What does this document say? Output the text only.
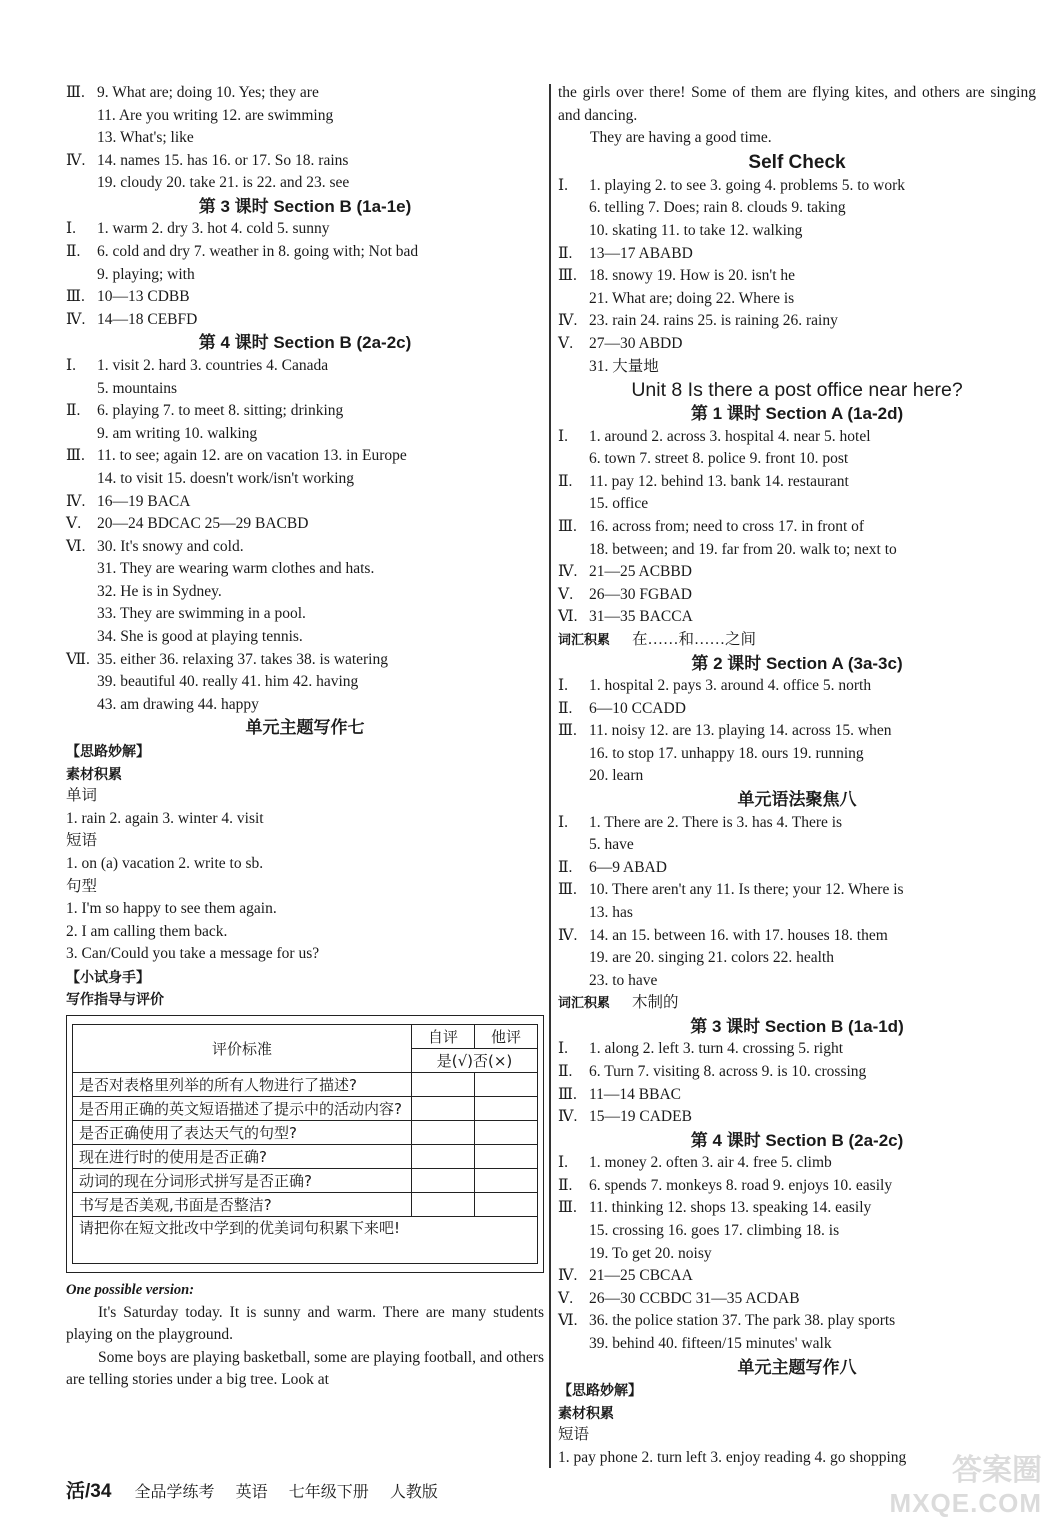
Ⅲ. 9. What are; doing 10. Yes; they are
11. Are you writing 12. are swimming
13. What's; like
Ⅳ. 14. names 15. has 16. or 17. So 18. rains
19. cloudy 20. take 21. is 22. and 23. see
第 3 课时 Section B (1a-1e)
Ⅰ. 1. warm 2. dry 3. hot 4. cold 5. sunny
Ⅱ. 6. cold and dry 7. weather in 8. going with; Not bad
9. playing; with
Ⅲ. 10—13 CDBB
Ⅳ. 14—18 CEBFD
第 4 课时 Section B (2a-2c)
Ⅰ. 1. visit 2. hard 3. countries 4. Canada
5. mountains
Ⅱ. 6. playing 7. to meet 8. sitting; drinking
9. am writing 10. walking
Ⅲ. 11. to see; again 12. are on vacation 13. in Europe
14. to visit 15. doesn't work/isn't working
Ⅳ. 16—19 BACA
Ⅴ. 20—24 BDCAC 25—29 BACBD
Ⅵ. 30. It's snowy and cold.
31. They are wearing warm clothes and hats.
32. He is in Sydney.
33. They are swimming in a pool.
34. She is good at playing tennis.
Ⅶ. 35. either 36. relaxing 37. takes 38. is watering
39. beautiful 40. really 41. him 42. having
43. am drawing 44. happy
单元主题写作七
【思路妙解】
素材积累
单词
1. rain 2. again 3. winter 4. visit
短语
1. on (a) vacation 2. write to sb.
句型
1. I'm so happy to see them again.
2. I am calling them back.
3. Can/Could you take a message for us?
【小试身手】
写作指导与评价
评价标准	自评	他评
	是(√)否(×)	
是否对表格里列举的所有人物进行了描述?		
是否用正确的英文短语描述了提示中的活动内容?		
是否正确使用了表达天气的句型?		
现在进行时的使用是否正确?		
动词的现在分词形式拼写是否正确?		
书写是否美观,书面是否整洁?		
请把你在短文批改中学到的优美词句积累下来吧!		
One possible version:
It's Saturday today. It is sunny and warm. There are many students playing on the playground.
Some boys are playing basketball, some are playing football, and others are telling stories under a big tree. Look at
the girls over there! Some of them are flying kites, and others are singing and dancing.
They are having a good time.
Self Check
Ⅰ. 1. playing 2. to see 3. going 4. problems 5. to work
6. telling 7. Does; rain 8. clouds 9. taking
10. skating 11. to take 12. walking
Ⅱ. 13—17 ABABD
Ⅲ. 18. snowy 19. How is 20. isn't he
21. What are; doing 22. Where is
Ⅳ. 23. rain 24. rains 25. is raining 26. rainy
Ⅴ. 27—30 ABDD
31. 大量地
Unit 8 Is there a post office near here?
第 1 课时 Section A (1a-2d)
Ⅰ. 1. around 2. across 3. hospital 4. near 5. hotel
6. town 7. street 8. police 9. front 10. post
Ⅱ. 11. pay 12. behind 13. bank 14. restaurant
15. office
Ⅲ. 16. across from; need to cross 17. in front of
18. between; and 19. far from 20. walk to; next to
Ⅳ. 21—25 ACBBD
Ⅴ. 26—30 FGBAD
Ⅵ. 31—35 BACCA
词汇积累 在……和……之间
第 2 课时 Section A (3a-3c)
Ⅰ. 1. hospital 2. pays 3. around 4. office 5. north
Ⅱ. 6—10 CCADD
Ⅲ. 11. noisy 12. are 13. playing 14. across 15. when
16. to stop 17. unhappy 18. ours 19. running
20. learn
单元语法聚焦八
Ⅰ. 1. There are 2. There is 3. has 4. There is
5. have
Ⅱ. 6—9 ABAD
Ⅲ. 10. There aren't any 11. Is there; your 12. Where is
13. has
Ⅳ. 14. an 15. between 16. with 17. houses 18. them
19. are 20. singing 21. colors 22. health
23. to have
词汇积累 木制的
第 3 课时 Section B (1a-1d)
Ⅰ. 1. along 2. left 3. turn 4. crossing 5. right
Ⅱ. 6. Turn 7. visiting 8. across 9. is 10. crossing
Ⅲ. 11—14 BBAC
Ⅳ. 15—19 CADEB
第 4 课时 Section B (2a-2c)
Ⅰ. 1. money 2. often 3. air 4. free 5. climb
Ⅱ. 6. spends 7. monkeys 8. road 9. enjoys 10. easily
Ⅲ. 11. thinking 12. shops 13. speaking 14. easily
15. crossing 16. goes 17. climbing 18. is
19. To get 20. noisy
Ⅳ. 21—25 CBCAA
Ⅴ. 26—30 CCBDC 31—35 ACDAB
Ⅵ. 36. the police station 37. The park 38. play sports
39. behind 40. fifteen/15 minutes' walk
单元主题写作八
【思路妙解】
素材积累
短语
1. pay phone 2. turn left 3. enjoy reading 4. go shopping
活/34 全品学练考 英语 七年级下册 人教版
答案圈
MXQE.COM
